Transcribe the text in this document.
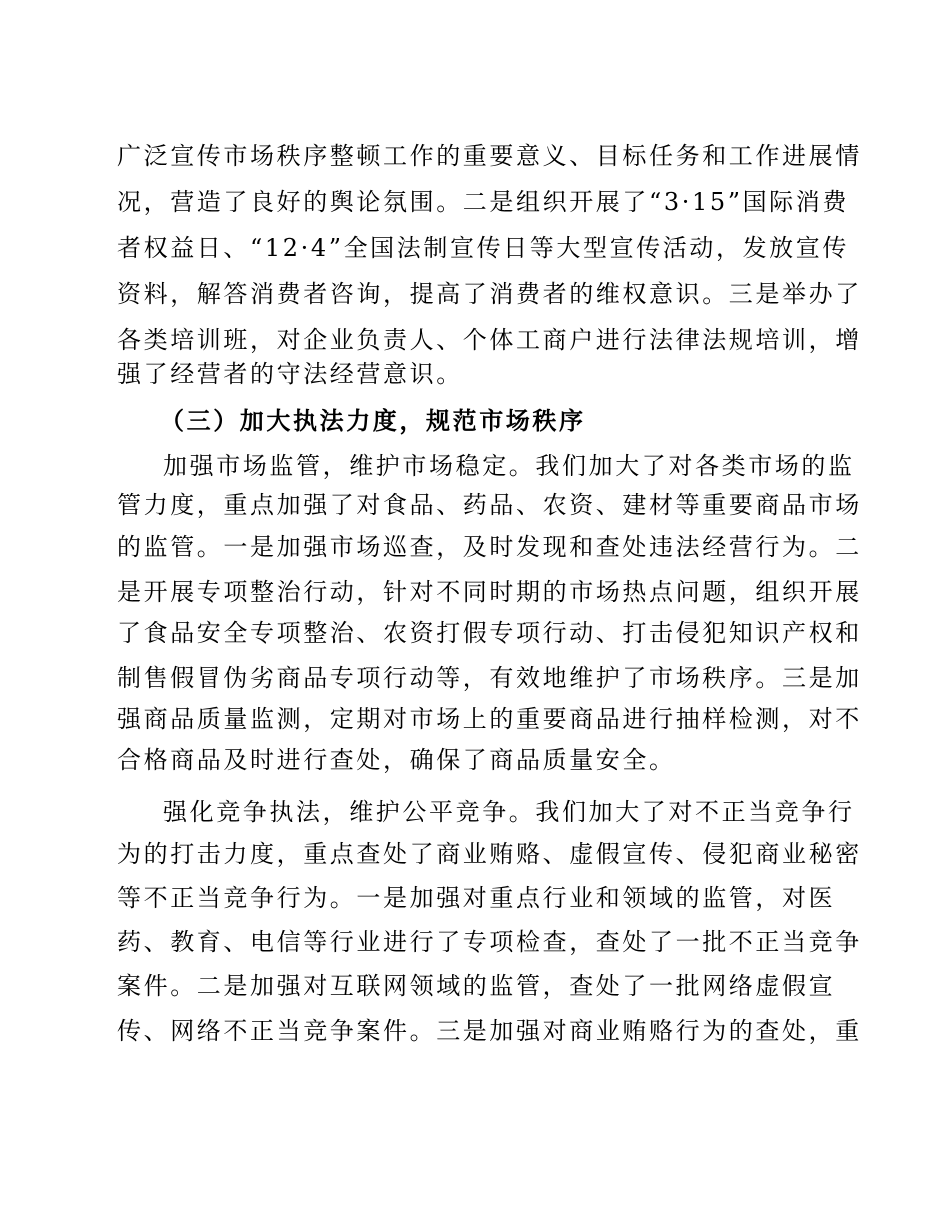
广泛宣传市场秩序整顿工作的重要意义、目标任务和工作进展情
况，营造了良好的舆论氛围。二是组织开展了“3·15”国际消费
者权益日、“12·4”全国法制宣传日等大型宣传活动，发放宣传
资料，解答消费者咨询，提高了消费者的维权意识。三是举办了
各类培训班，对企业负责人、个体工商户进行法律法规培训，增
强了经营者的守法经营意识。
（三）加大执法力度，规范市场秩序
加强市场监管，维护市场稳定。我们加大了对各类市场的监
管力度，重点加强了对食品、药品、农资、建材等重要商品市场
的监管。一是加强市场巡查，及时发现和查处违法经营行为。二
是开展专项整治行动，针对不同时期的市场热点问题，组织开展
了食品安全专项整治、农资打假专项行动、打击侵犯知识产权和
制售假冒伪劣商品专项行动等，有效地维护了市场秩序。三是加
强商品质量监测，定期对市场上的重要商品进行抽样检测，对不
合格商品及时进行查处，确保了商品质量安全。
强化竞争执法，维护公平竞争。我们加大了对不正当竞争行
为的打击力度，重点查处了商业贿赂、虚假宣传、侵犯商业秘密
等不正当竞争行为。一是加强对重点行业和领域的监管，对医
药、教育、电信等行业进行了专项检查，查处了一批不正当竞争
案件。二是加强对互联网领域的监管，查处了一批网络虚假宣
传、网络不正当竞争案件。三是加强对商业贿赂行为的查处，重
